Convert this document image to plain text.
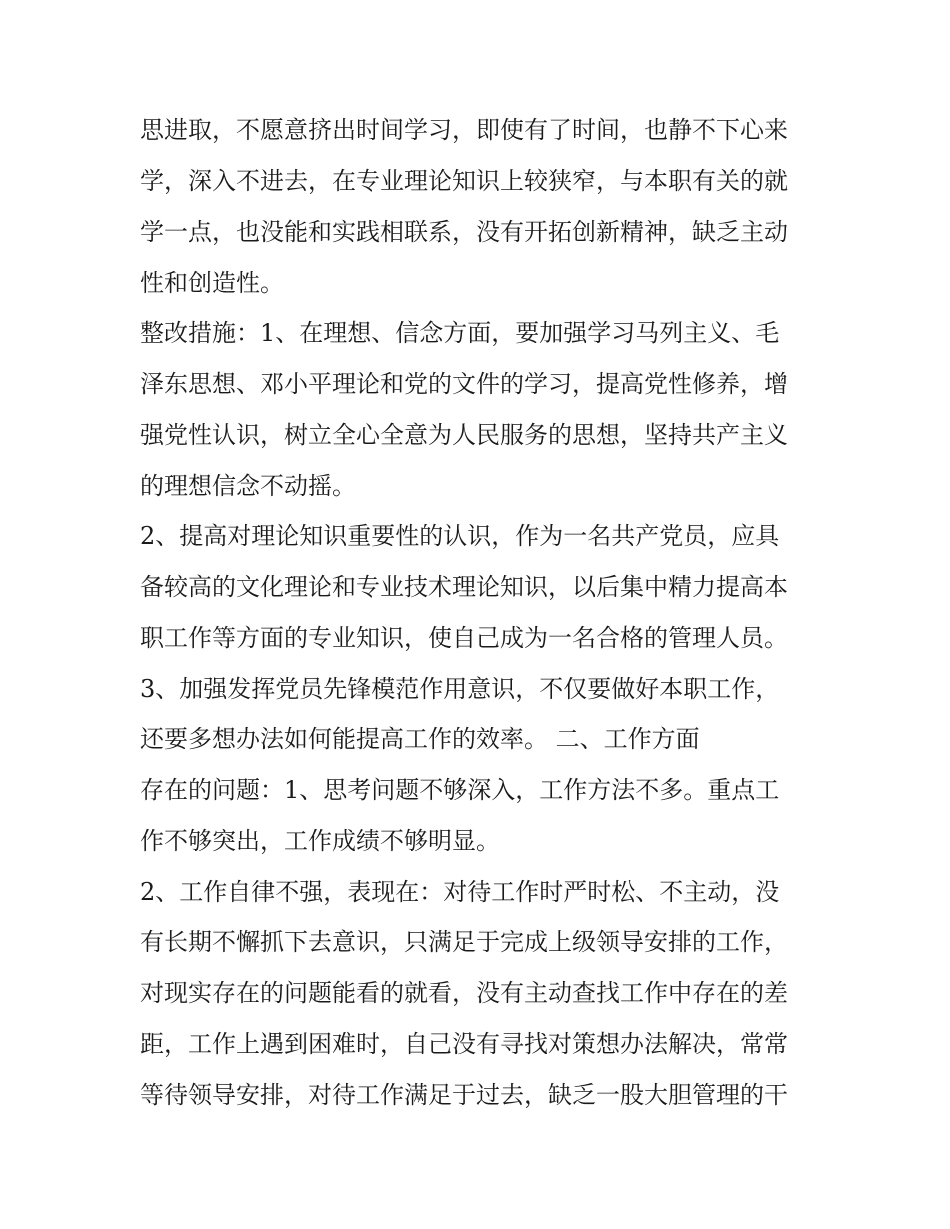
思进取，不愿意挤出时间学习，即使有了时间，也静不下心来
学，深入不进去，在专业理论知识上较狭窄，与本职有关的就
学一点，也没能和实践相联系，没有开拓创新精神，缺乏主动
性和创造性。
整改措施：1、在理想、信念方面，要加强学习马列主义、毛
泽东思想、邓小平理论和党的文件的学习，提高党性修养，增
强党性认识，树立全心全意为人民服务的思想，坚持共产主义
的理想信念不动摇。
2、提高对理论知识重要性的认识，作为一名共产党员，应具
备较高的文化理论和专业技术理论知识，以后集中精力提高本
职工作等方面的专业知识，使自己成为一名合格的管理人员。
3、加强发挥党员先锋模范作用意识，不仅要做好本职工作，
还要多想办法如何能提高工作的效率。 二、工作方面
存在的问题：1、思考问题不够深入，工作方法不多。重点工
作不够突出，工作成绩不够明显。
2、工作自律不强，表现在：对待工作时严时松、不主动，没
有长期不懈抓下去意识，只满足于完成上级领导安排的工作，
对现实存在的问题能看的就看，没有主动查找工作中存在的差
距，工作上遇到困难时，自己没有寻找对策想办法解决，常常
等待领导安排，对待工作满足于过去，缺乏一股大胆管理的干
